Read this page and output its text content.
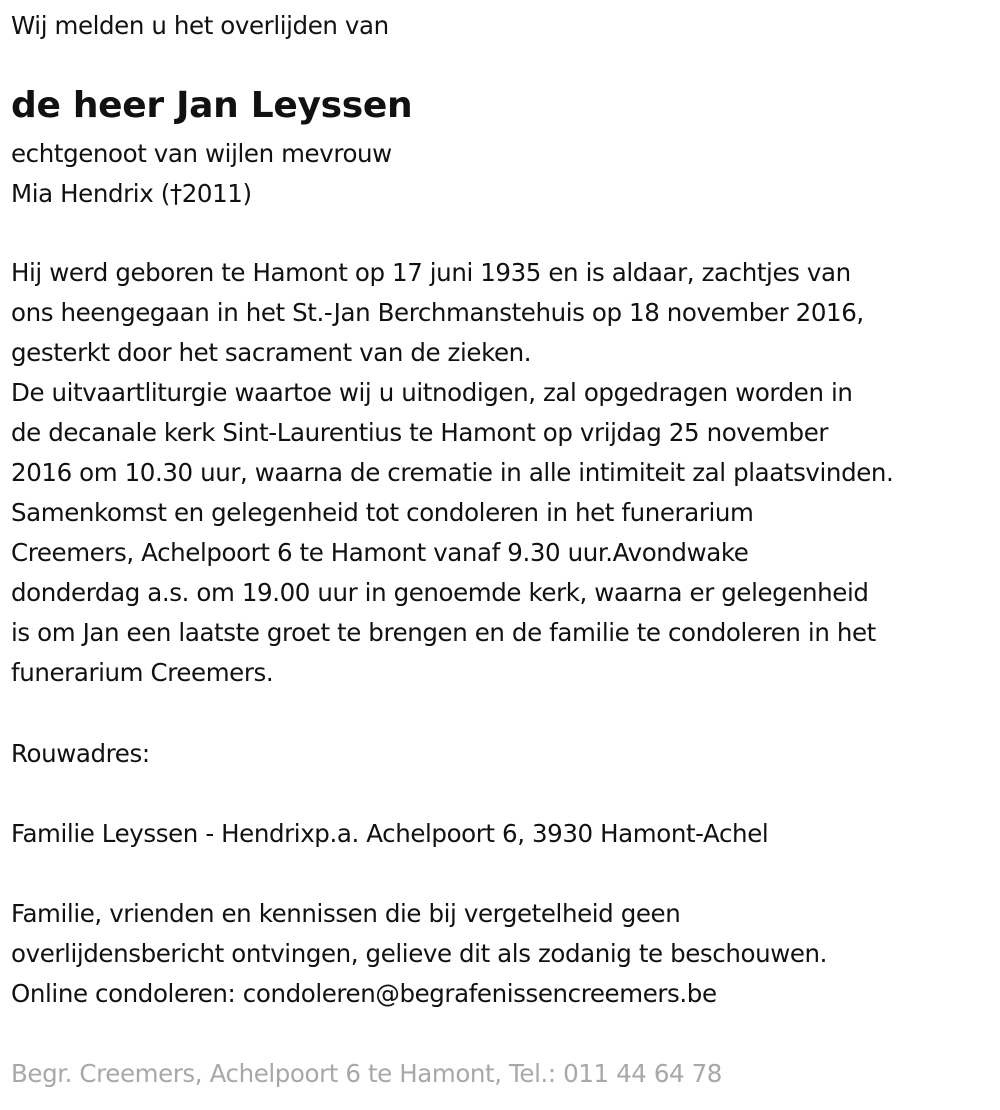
Wij melden u het overlijden van
de heer Jan Leyssen
echtgenoot van wijlen mevrouw
Mia Hendrix (†2011)
Hij werd geboren te Hamont op 17 juni 1935 en is aldaar, zachtjes van
ons heengegaan in het St.-Jan Berchmanstehuis op 18 november 2016,
gesterkt door het sacrament van de zieken.
De uitvaartliturgie waartoe wij u uitnodigen, zal opgedragen worden in
de decanale kerk Sint-Laurentius te Hamont op vrijdag 25 november
2016 om 10.30 uur, waarna de crematie in alle intimiteit zal plaatsvinden.
Samenkomst en gelegenheid tot condoleren in het funerarium
Creemers, Achelpoort 6 te Hamont vanaf 9.30 uur.Avondwake
donderdag a.s. om 19.00 uur in genoemde kerk, waarna er gelegenheid
is om Jan een laatste groet te brengen en de familie te condoleren in het
funerarium Creemers.
Rouwadres:
Familie Leyssen - Hendrixp.a. Achelpoort 6, 3930 Hamont-Achel
Familie, vrienden en kennissen die bij vergetelheid geen
overlijdensbericht ontvingen, gelieve dit als zodanig te beschouwen.
Online condoleren: condoleren@begrafenissencreemers.be
Begr. Creemers, Achelpoort 6 te Hamont, Tel.: 011 44 64 78
